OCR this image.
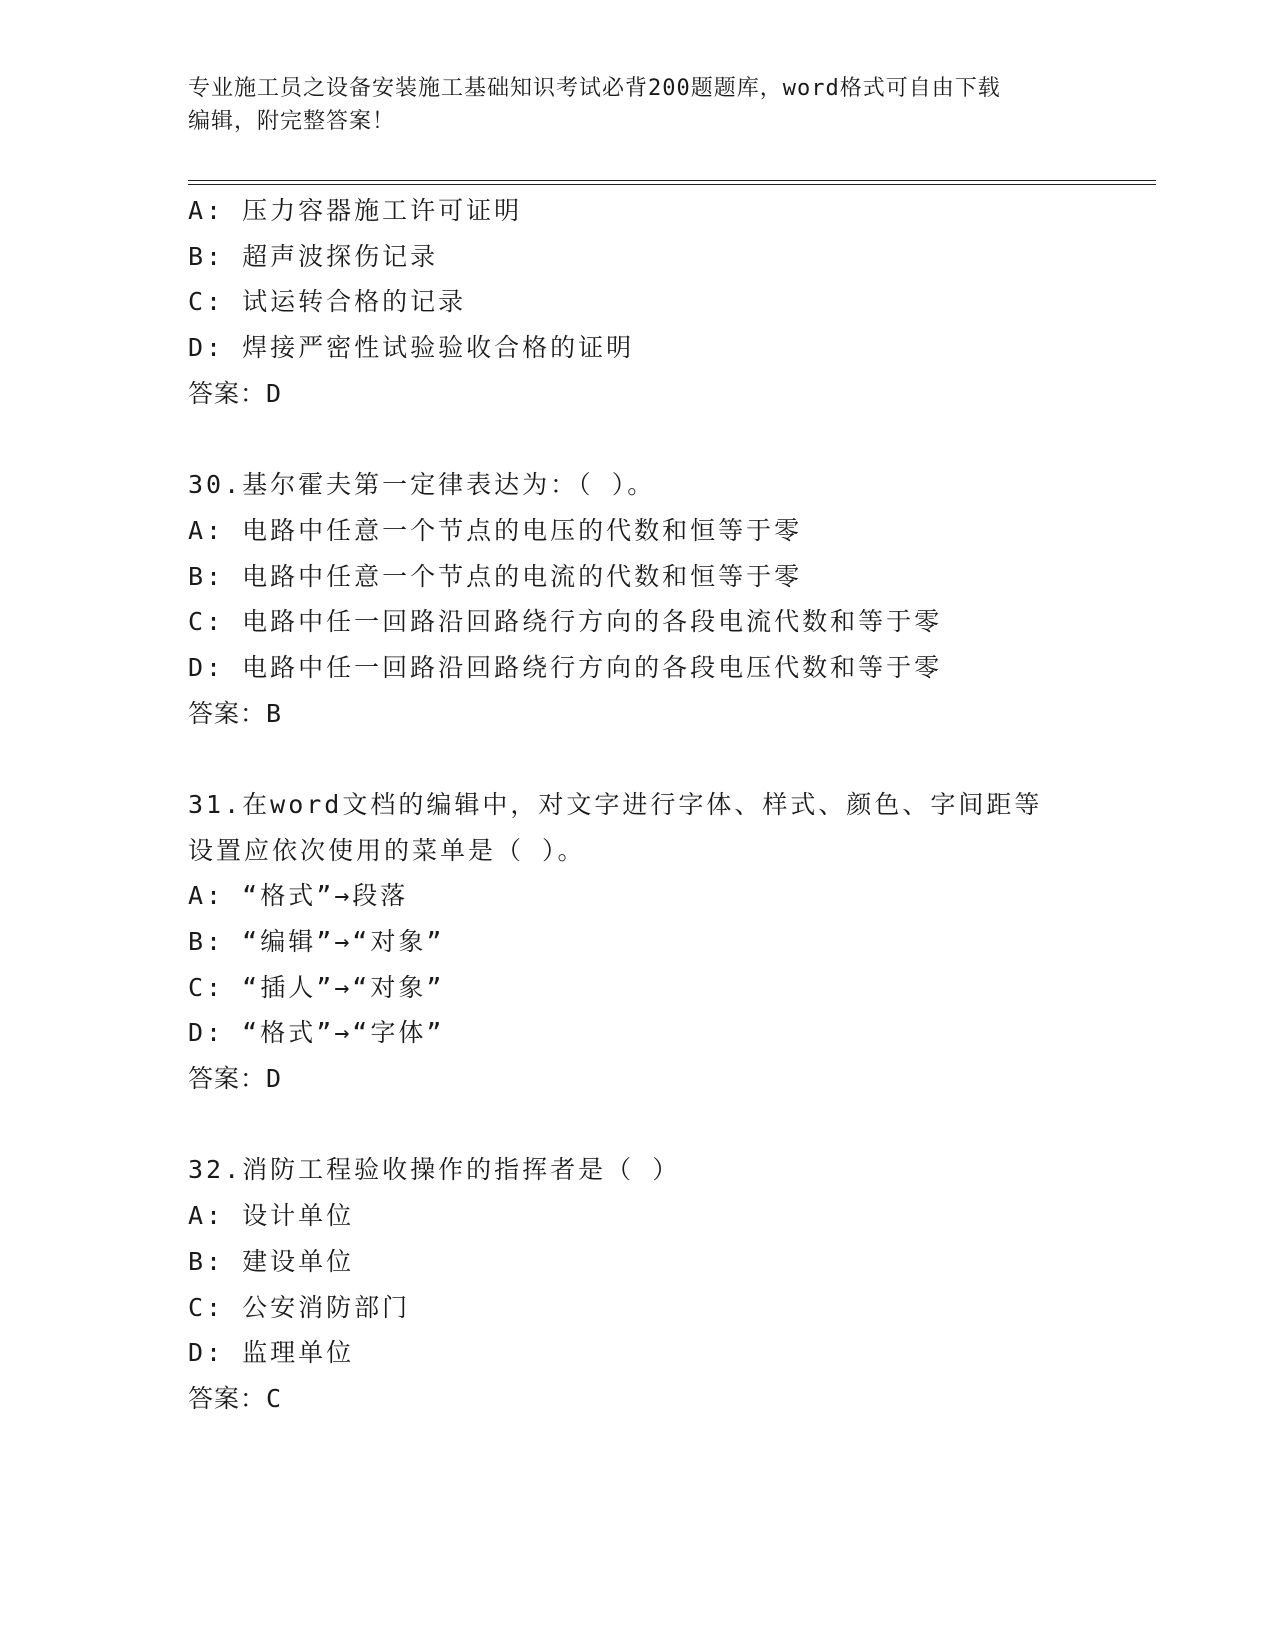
专业施工员之设备安装施工基础知识考试必背200题题库，word格式可自由下载
编辑，附完整答案！
A: 压力容器施工许可证明
B: 超声波探伤记录
C: 试运转合格的记录
D: 焊接严密性试验验收合格的证明
答案：D
30.基尔霍夫第一定律表达为：（ ）。
A: 电路中任意一个节点的电压的代数和恒等于零
B: 电路中任意一个节点的电流的代数和恒等于零
C: 电路中任一回路沿回路绕行方向的各段电流代数和等于零
D: 电路中任一回路沿回路绕行方向的各段电压代数和等于零
答案：B
31.在word文档的编辑中，对文字进行字体、样式、颜色、字间距等
设置应依次使用的菜单是（ ）。
A: “格式”→段落
B: “编辑”→“对象”
C: “插人”→“对象”
D: “格式”→“字体”
答案：D
32.消防工程验收操作的指挥者是（ ）
A: 设计单位
B: 建设单位
C: 公安消防部门
D: 监理单位
答案：C
